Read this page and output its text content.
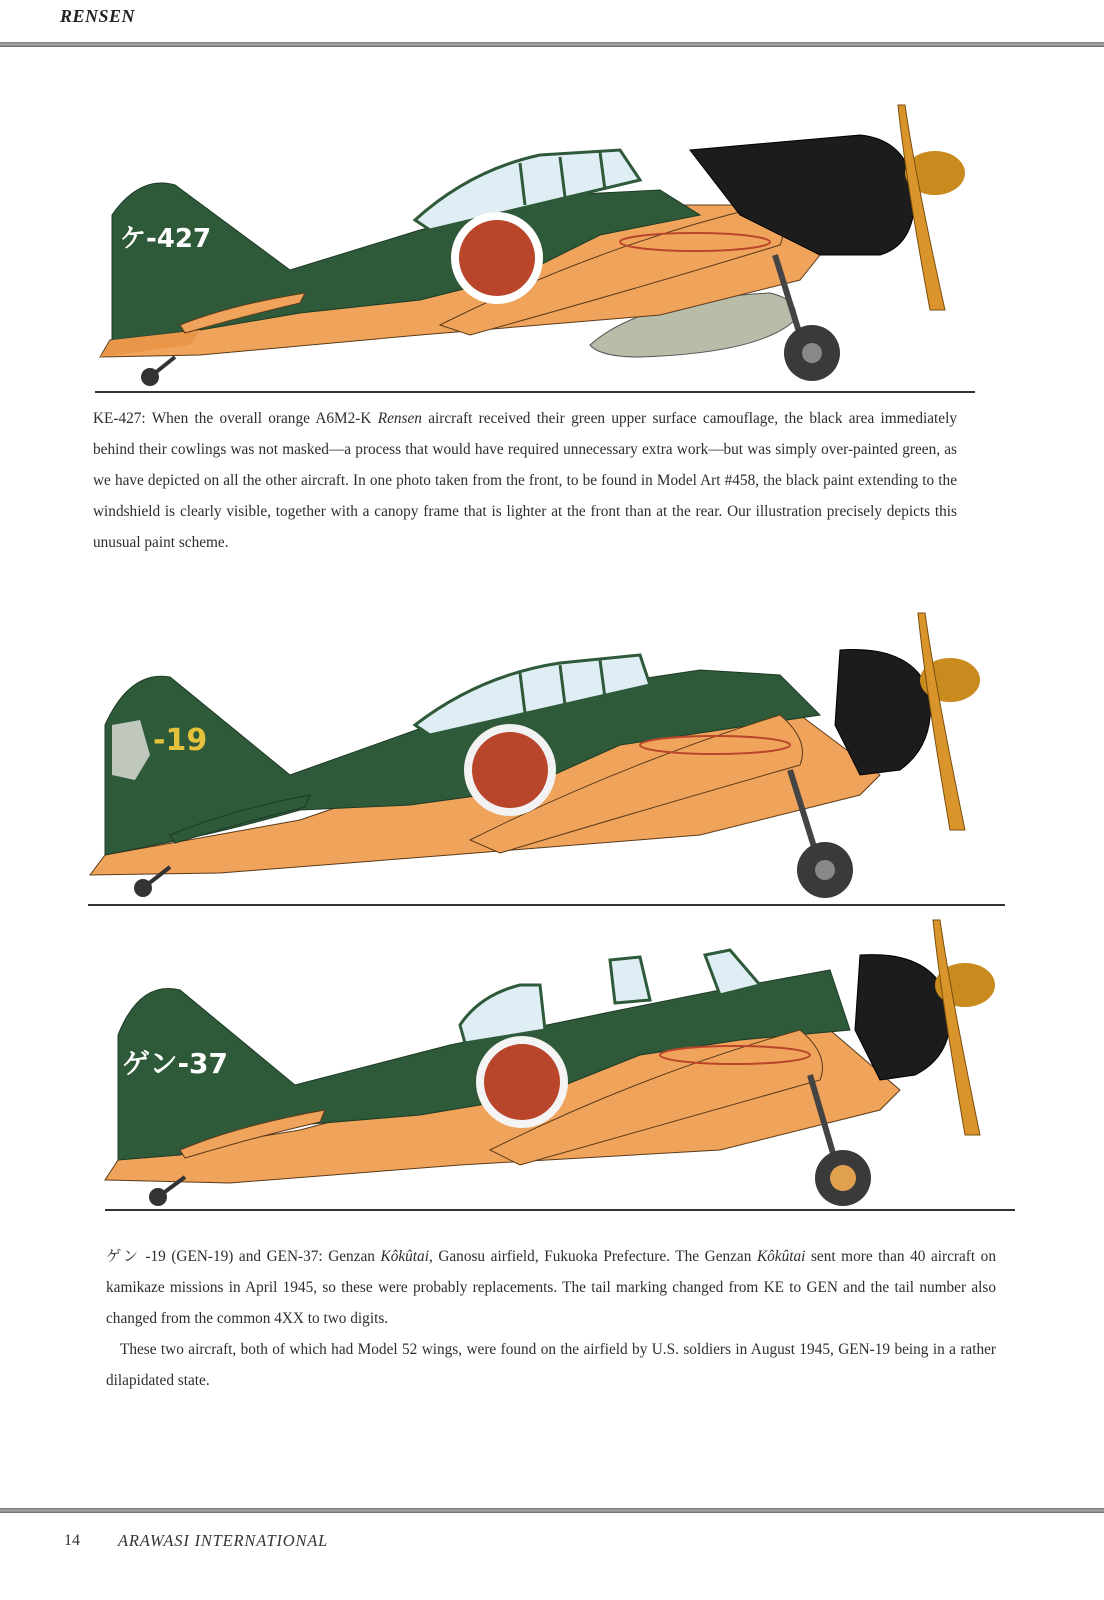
RENSEN
ケ-427

KE-427: When the overall orange A6M2-K Rensen aircraft received their green upper surface camouflage, the black area immediately behind their cowlings was not masked—a process that would have required unnecessary extra work—but was simply over-painted green, as we have depicted on all the other aircraft. In one photo taken from the front, to be found in Model Art #458, the black paint extending to the windshield is clearly visible, together with a canopy frame that is lighter at the front than at the rear. Our illustration precisely depicts this unusual paint scheme.

-19
ゲン-37

ゲン -19 (GEN-19) and GEN-37: Genzan Kôkûtai, Ganosu airfield, Fukuoka Prefecture. The Genzan Kôkûtai sent more than 40 aircraft on kamikaze missions in April 1945, so these were probably replacements. The tail marking changed from KE to GEN and the tail number also changed from the common 4XX to two digits.

These two aircraft, both of which had Model 52 wings, were found on the airfield by U.S. soldiers in August 1945, GEN-19 being in a rather dilapidated state.

14 ARAWASI INTERNATIONAL
